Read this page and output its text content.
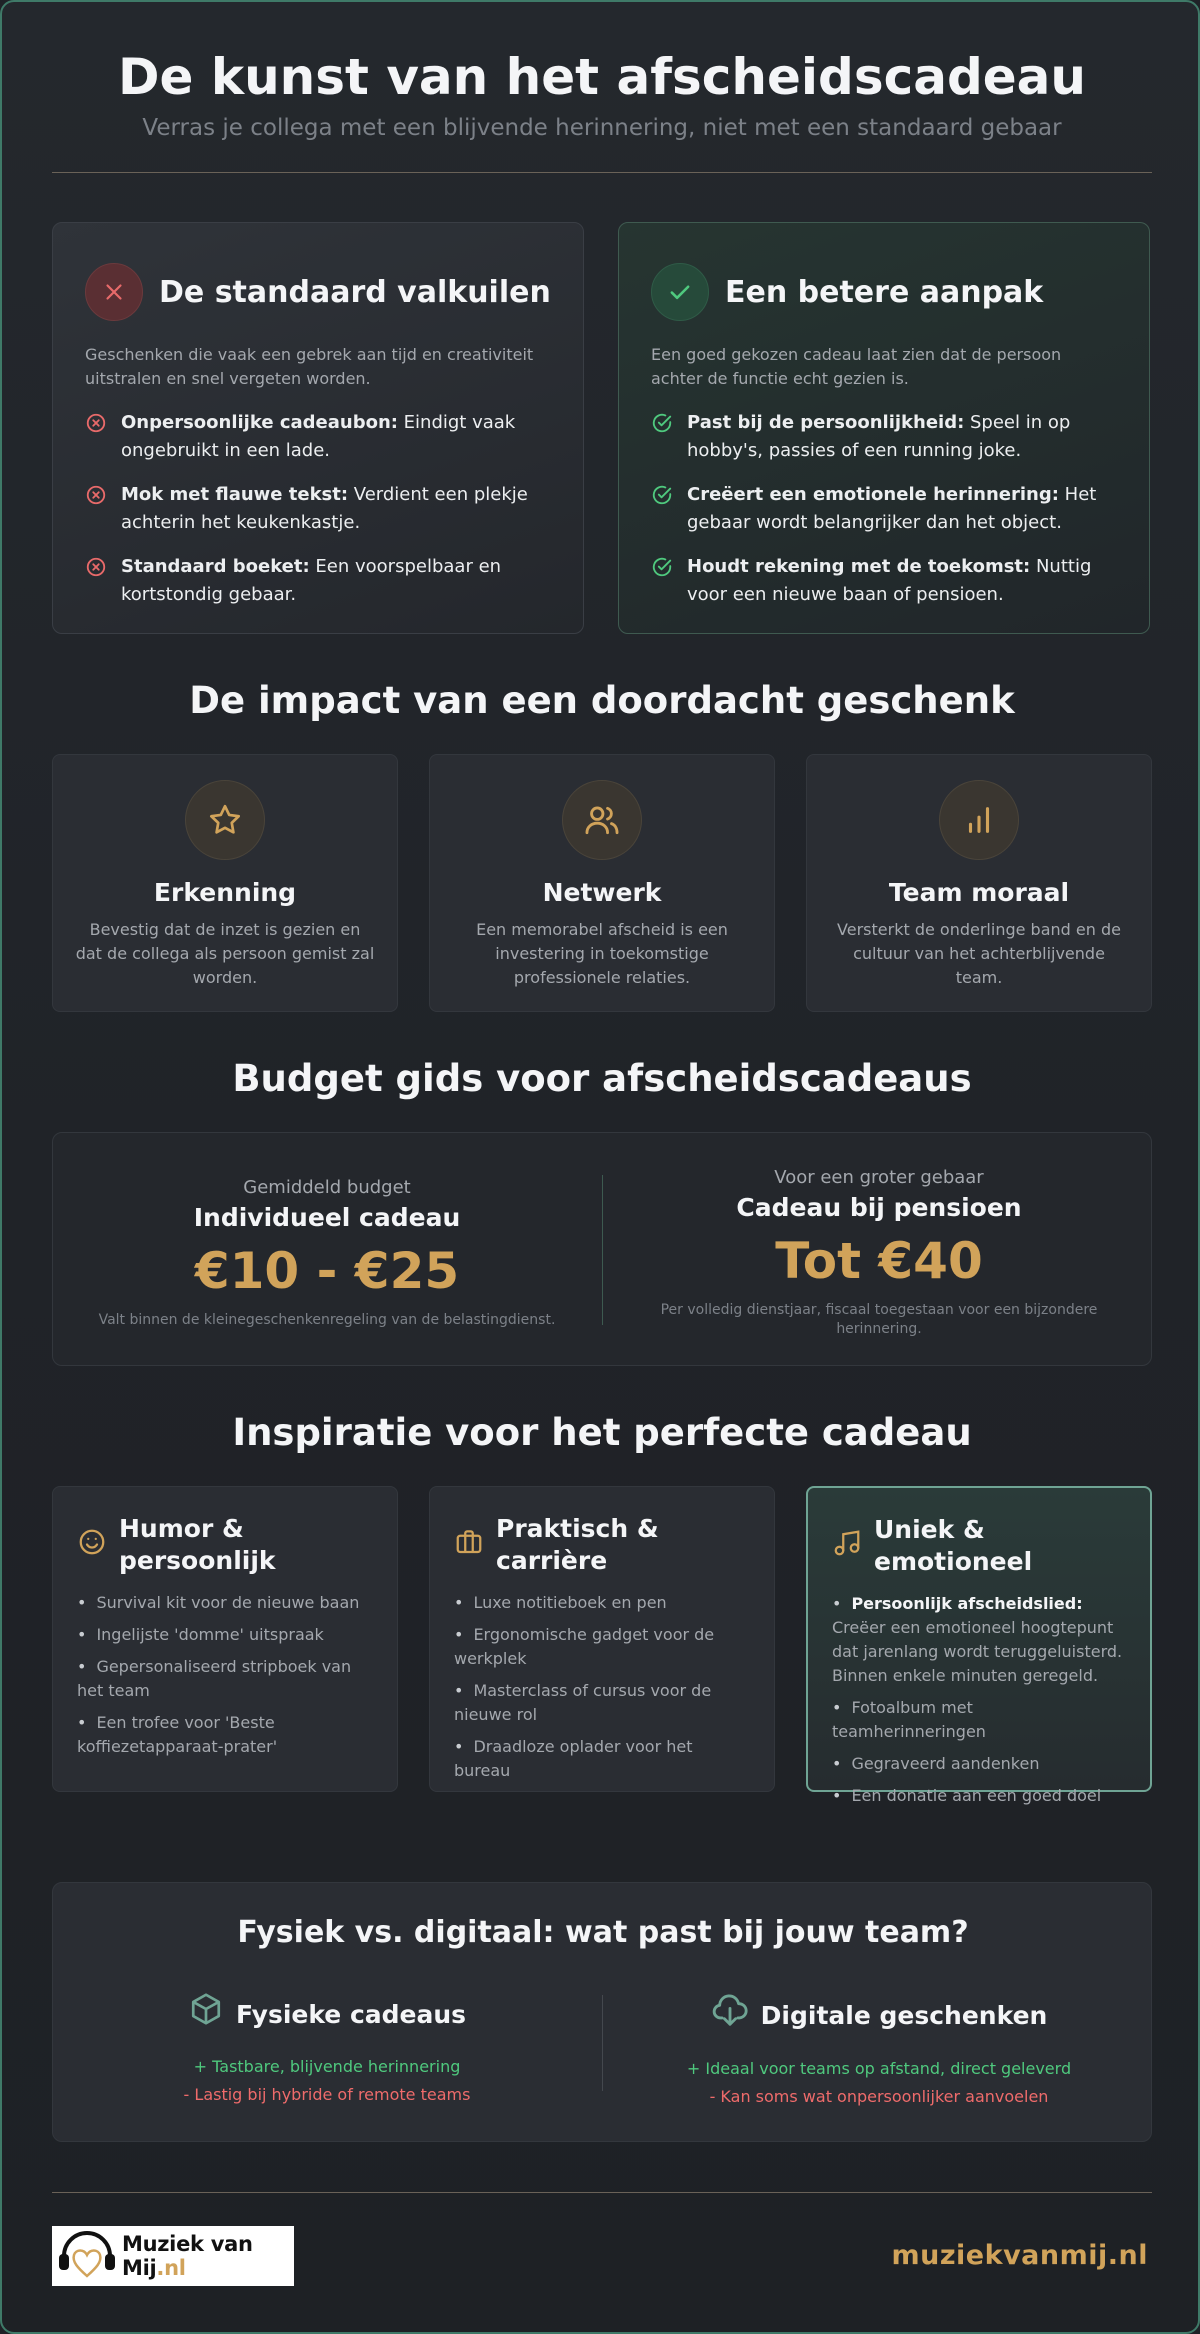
De kunst van het afscheidscadeau
Verras je collega met een blijvende herinnering, niet met een standaard gebaar
De standaard valkuilen
Geschenken die vaak een gebrek aan tijd en creativiteit uitstralen en snel vergeten worden.
Onpersoonlijke cadeaubon: Eindigt vaak ongebruikt in een lade.
Mok met flauwe tekst: Verdient een plekje achterin het keukenkastje.
Standaard boeket: Een voorspelbaar en kortstondig gebaar.
Een betere aanpak
Een goed gekozen cadeau laat zien dat de persoon achter de functie echt gezien is.
Past bij de persoonlijkheid: Speel in op hobby's, passies of een running joke.
Creëert een emotionele herinnering: Het gebaar wordt belangrijker dan het object.
Houdt rekening met de toekomst: Nuttig voor een nieuwe baan of pensioen.
De impact van een doordacht geschenk
Erkenning
Bevestig dat de inzet is gezien en dat de collega als persoon gemist zal worden.
Netwerk
Een memorabel afscheid is een investering in toekomstige professionele relaties.
Team moraal
Versterkt de onderlinge band en de cultuur van het achterblijvende team.
Budget gids voor afscheidscadeaus
Gemiddeld budget
Individueel cadeau
€10 - €25
Valt binnen de kleinegeschenkenregeling van de belastingdienst.
Voor een groter gebaar
Cadeau bij pensioen
Tot €40
Per volledig dienstjaar, fiscaal toegestaan voor een bijzondere herinnering.
Inspiratie voor het perfecte cadeau
Humor & persoonlijk
• Survival kit voor de nieuwe baan
• Ingelijste 'domme' uitspraak
• Gepersonaliseerd stripboek van het team
• Een trofee voor 'Beste koffiezetapparaat-prater'
Praktisch & carrière
• Luxe notitieboek en pen
• Ergonomische gadget voor de werkplek
• Masterclass of cursus voor de nieuwe rol
• Draadloze oplader voor het bureau
Uniek & emotioneel
• Persoonlijk afscheidslied: Creëer een emotioneel hoogtepunt dat jarenlang wordt teruggeluisterd. Binnen enkele minuten geregeld.
• Fotoalbum met teamherinneringen
• Gegraveerd aandenken
• Een donatie aan een goed doel
Fysiek vs. digitaal: wat past bij jouw team?
Fysieke cadeaus
+ Tastbare, blijvende herinnering
- Lastig bij hybride of remote teams
Digitale geschenken
+ Ideaal voor teams op afstand, direct geleverd
- Kan soms wat onpersoonlijker aanvoelen
Muziek van Mij.nl	muziekvanmij.nl
